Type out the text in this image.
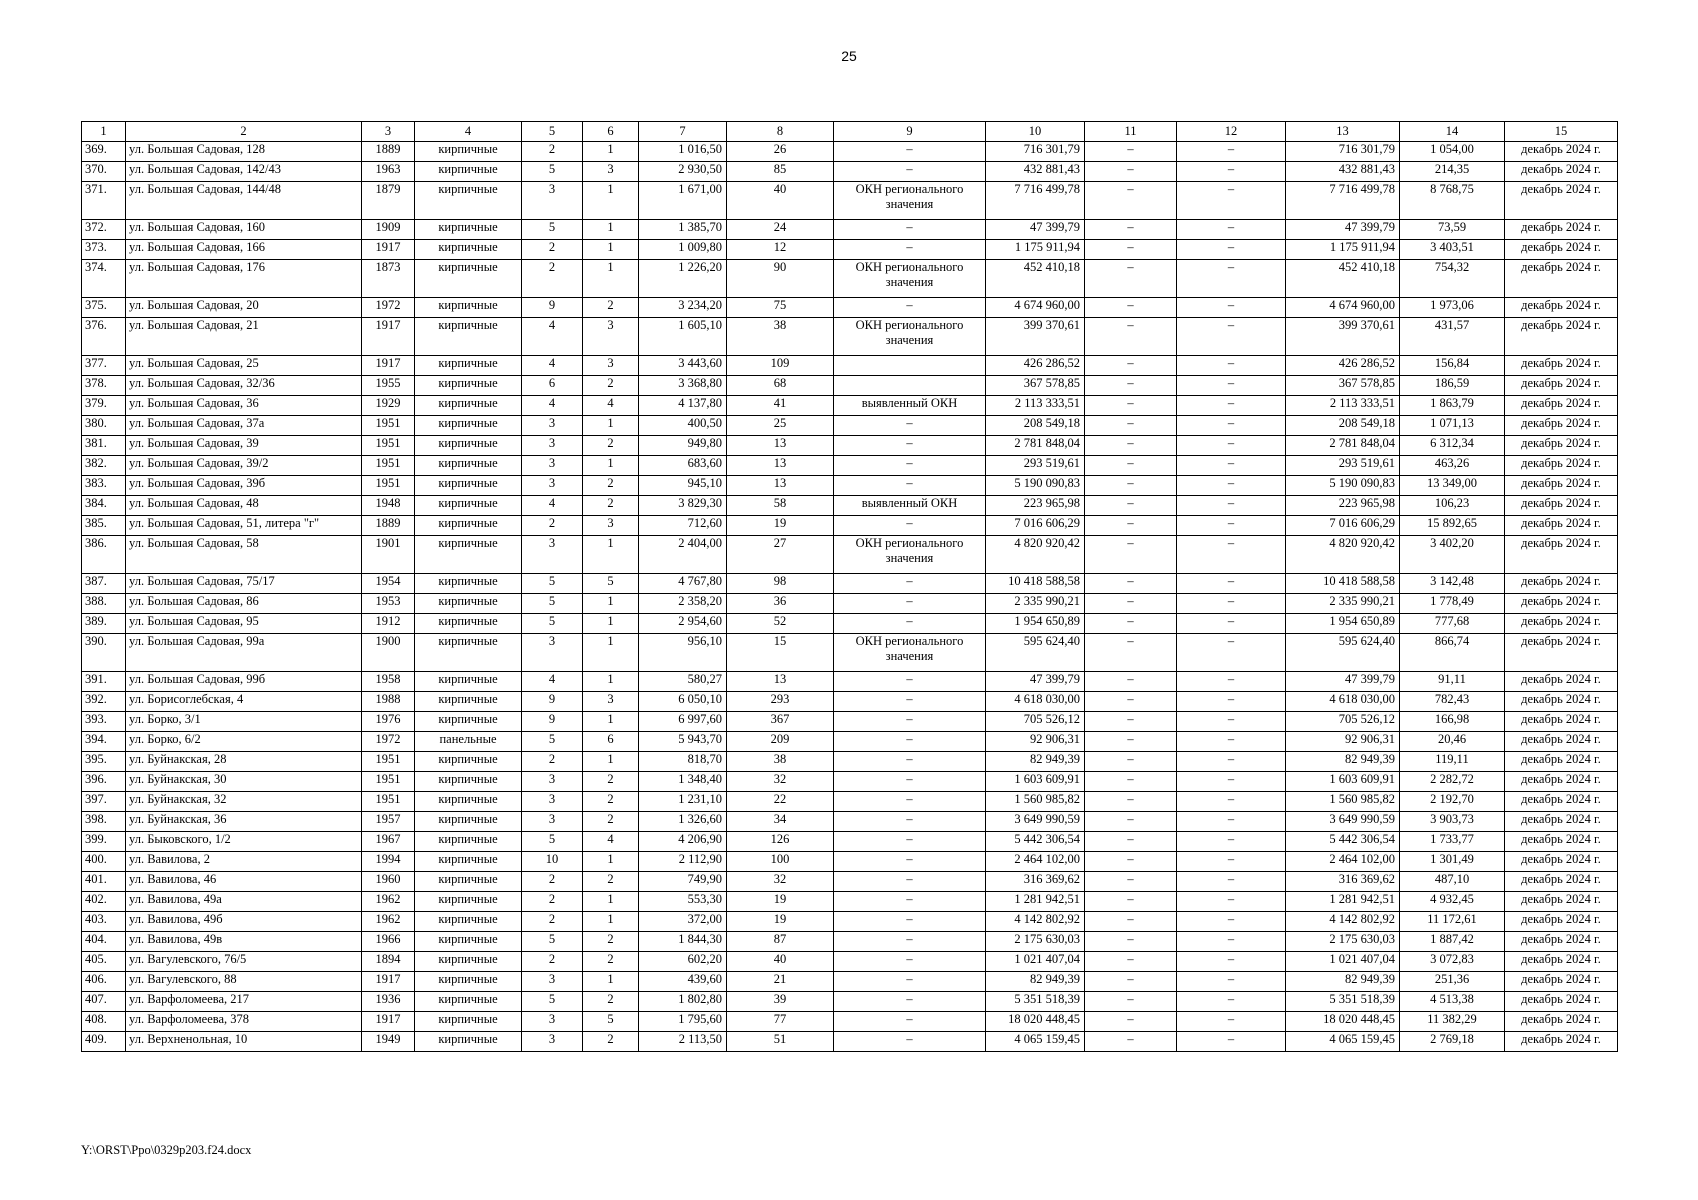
25
1	2	3	4	5	6	7	8	9	10	11	12	13	14	15
369.	ул. Большая Садовая, 128	1889	кирпичные	2	1	1 016,50	26	–	716 301,79	–	–	716 301,79	1 054,00	декабрь 2024 г.
370.	ул. Большая Садовая, 142/43	1963	кирпичные	5	3	2 930,50	85	–	432 881,43	–	–	432 881,43	214,35	декабрь 2024 г.
371.	ул. Большая Садовая, 144/48	1879	кирпичные	3	1	1 671,00	40	ОКН регионального значения	7 716 499,78	–	–	7 716 499,78	8 768,75	декабрь 2024 г.
372.	ул. Большая Садовая, 160	1909	кирпичные	5	1	1 385,70	24	–	47 399,79	–	–	47 399,79	73,59	декабрь 2024 г.
373.	ул. Большая Садовая, 166	1917	кирпичные	2	1	1 009,80	12	–	1 175 911,94	–	–	1 175 911,94	3 403,51	декабрь 2024 г.
374.	ул. Большая Садовая, 176	1873	кирпичные	2	1	1 226,20	90	ОКН регионального значения	452 410,18	–	–	452 410,18	754,32	декабрь 2024 г.
375.	ул. Большая Садовая, 20	1972	кирпичные	9	2	3 234,20	75	–	4 674 960,00	–	–	4 674 960,00	1 973,06	декабрь 2024 г.
376.	ул. Большая Садовая, 21	1917	кирпичные	4	3	1 605,10	38	ОКН регионального значения	399 370,61	–	–	399 370,61	431,57	декабрь 2024 г.
377.	ул. Большая Садовая, 25	1917	кирпичные	4	3	3 443,60	109		426 286,52	–	–	426 286,52	156,84	декабрь 2024 г.
378.	ул. Большая Садовая, 32/36	1955	кирпичные	6	2	3 368,80	68		367 578,85	–	–	367 578,85	186,59	декабрь 2024 г.
379.	ул. Большая Садовая, 36	1929	кирпичные	4	4	4 137,80	41	выявленный ОКН	2 113 333,51	–	–	2 113 333,51	1 863,79	декабрь 2024 г.
380.	ул. Большая Садовая, 37а	1951	кирпичные	3	1	400,50	25	–	208 549,18	–	–	208 549,18	1 071,13	декабрь 2024 г.
381.	ул. Большая Садовая, 39	1951	кирпичные	3	2	949,80	13	–	2 781 848,04	–	–	2 781 848,04	6 312,34	декабрь 2024 г.
382.	ул. Большая Садовая, 39/2	1951	кирпичные	3	1	683,60	13	–	293 519,61	–	–	293 519,61	463,26	декабрь 2024 г.
383.	ул. Большая Садовая, 39б	1951	кирпичные	3	2	945,10	13	–	5 190 090,83	–	–	5 190 090,83	13 349,00	декабрь 2024 г.
384.	ул. Большая Садовая, 48	1948	кирпичные	4	2	3 829,30	58	выявленный ОКН	223 965,98	–	–	223 965,98	106,23	декабрь 2024 г.
385.	ул. Большая Садовая, 51, литера "г"	1889	кирпичные	2	3	712,60	19	–	7 016 606,29	–	–	7 016 606,29	15 892,65	декабрь 2024 г.
386.	ул. Большая Садовая, 58	1901	кирпичные	3	1	2 404,00	27	ОКН регионального значения	4 820 920,42	–	–	4 820 920,42	3 402,20	декабрь 2024 г.
387.	ул. Большая Садовая, 75/17	1954	кирпичные	5	5	4 767,80	98	–	10 418 588,58	–	–	10 418 588,58	3 142,48	декабрь 2024 г.
388.	ул. Большая Садовая, 86	1953	кирпичные	5	1	2 358,20	36	–	2 335 990,21	–	–	2 335 990,21	1 778,49	декабрь 2024 г.
389.	ул. Большая Садовая, 95	1912	кирпичные	5	1	2 954,60	52	–	1 954 650,89	–	–	1 954 650,89	777,68	декабрь 2024 г.
390.	ул. Большая Садовая, 99а	1900	кирпичные	3	1	956,10	15	ОКН регионального значения	595 624,40	–	–	595 624,40	866,74	декабрь 2024 г.
391.	ул. Большая Садовая, 99б	1958	кирпичные	4	1	580,27	13	–	47 399,79	–	–	47 399,79	91,11	декабрь 2024 г.
392.	ул. Борисоглебская, 4	1988	кирпичные	9	3	6 050,10	293	–	4 618 030,00	–	–	4 618 030,00	782,43	декабрь 2024 г.
393.	ул. Борко, 3/1	1976	кирпичные	9	1	6 997,60	367	–	705 526,12	–	–	705 526,12	166,98	декабрь 2024 г.
394.	ул. Борко, 6/2	1972	панельные	5	6	5 943,70	209	–	92 906,31	–	–	92 906,31	20,46	декабрь 2024 г.
395.	ул. Буйнакская, 28	1951	кирпичные	2	1	818,70	38	–	82 949,39	–	–	82 949,39	119,11	декабрь 2024 г.
396.	ул. Буйнакская, 30	1951	кирпичные	3	2	1 348,40	32	–	1 603 609,91	–	–	1 603 609,91	2 282,72	декабрь 2024 г.
397.	ул. Буйнакская, 32	1951	кирпичные	3	2	1 231,10	22	–	1 560 985,82	–	–	1 560 985,82	2 192,70	декабрь 2024 г.
398.	ул. Буйнакская, 36	1957	кирпичные	3	2	1 326,60	34	–	3 649 990,59	–	–	3 649 990,59	3 903,73	декабрь 2024 г.
399.	ул. Быковского, 1/2	1967	кирпичные	5	4	4 206,90	126	–	5 442 306,54	–	–	5 442 306,54	1 733,77	декабрь 2024 г.
400.	ул. Вавилова, 2	1994	кирпичные	10	1	2 112,90	100	–	2 464 102,00	–	–	2 464 102,00	1 301,49	декабрь 2024 г.
401.	ул. Вавилова, 46	1960	кирпичные	2	2	749,90	32	–	316 369,62	–	–	316 369,62	487,10	декабрь 2024 г.
402.	ул. Вавилова, 49а	1962	кирпичные	2	1	553,30	19	–	1 281 942,51	–	–	1 281 942,51	4 932,45	декабрь 2024 г.
403.	ул. Вавилова, 49б	1962	кирпичные	2	1	372,00	19	–	4 142 802,92	–	–	4 142 802,92	11 172,61	декабрь 2024 г.
404.	ул. Вавилова, 49в	1966	кирпичные	5	2	1 844,30	87	–	2 175 630,03	–	–	2 175 630,03	1 887,42	декабрь 2024 г.
405.	ул. Вагулевского, 76/5	1894	кирпичные	2	2	602,20	40	–	1 021 407,04	–	–	1 021 407,04	3 072,83	декабрь 2024 г.
406.	ул. Вагулевского, 88	1917	кирпичные	3	1	439,60	21	–	82 949,39	–	–	82 949,39	251,36	декабрь 2024 г.
407.	ул. Варфоломеева, 217	1936	кирпичные	5	2	1 802,80	39	–	5 351 518,39	–	–	5 351 518,39	4 513,38	декабрь 2024 г.
408.	ул. Варфоломеева, 378	1917	кирпичные	3	5	1 795,60	77	–	18 020 448,45	–	–	18 020 448,45	11 382,29	декабрь 2024 г.
409.	ул. Верхненольная, 10	1949	кирпичные	3	2	2 113,50	51	–	4 065 159,45	–	–	4 065 159,45	2 769,18	декабрь 2024 г.
Y:\ORST\Ppo\0329p203.f24.docx
